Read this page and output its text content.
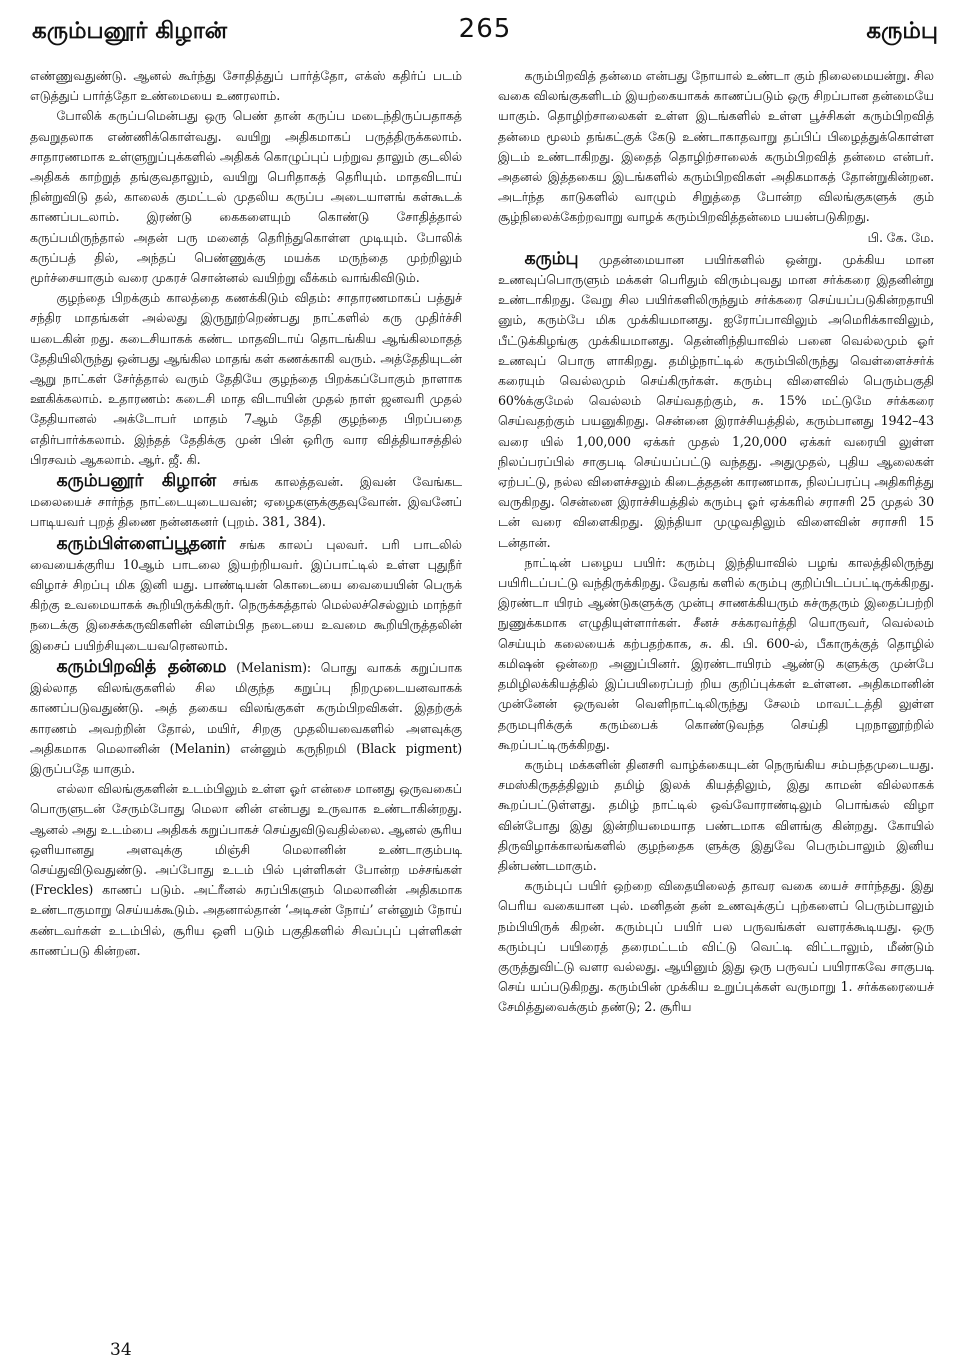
கரும்பனூர் கிழான்	265	கரும்பு

எண்ணுவதுண்டு. ஆனல் கூர்ந்து சோதித்துப் பார்த்தோ, எக்ஸ் கதிர்ப் படம் எடுத்துப் பார்த்தோ உண்மையை உணரலாம்.

போலிக் கருப்பமென்பது ஒரு பெண் தான் கருப்ப மடைந்திருப்பதாகத் தவறுதலாக எண்ணிக்கொள்வது. வயிறு அதிகமாகப் பருத்திருக்கலாம். சாதாரணமாக உள்ளுறுப்புக்களில் அதிகக் கொழுப்புப் பற்றுவ தாலும் குடலில் அதிகக் காற்றுத் தங்குவதாலும், வயிறு பெரிதாகத் தெரியும். மாதவிடாய் நின்றுவிடு தல், காலைக் குமட்டல் முதலிய கருப்ப அடையாளங் கள்கூடக் காணப்படலாம். இரண்டு கைகளையும் கொண்டு சோதித்தால் கருப்பமிருந்தால் அதன் பரு மனைத் தெரிந்துகொள்ள முடியும். போலிக் கருப்பத் தில், அந்தப் பெண்ணுக்கு மயக்க மருந்தை முற்றிலும் மூர்ச்சையாகும் வரை முகரச் சொன்னல் வயிற்று வீக்கம் வாங்கிவிடும்.

குழந்தை பிறக்கும் காலத்தை கணக்கிடும் விதம்: சாதாரணமாகப் பத்துச் சந்திர மாதங்கள் அல்லது இருநூற்றெண்பது நாட்களில் கரு முதிர்ச்சி யடைகின் றது. கடைசியாகக் கண்ட மாதவிடாய் தொடங்கிய ஆங்கிலமாதத் தேதியிலிருந்து ஒன்பது ஆங்கில மாதங் கள் கணக்காகி வரும். அத்தேதியுடன் ஆறு நாட்கள் சேர்த்தால் வரும் தேதியே குழந்தை பிறக்கப்போகும் நாளாக ஊகிக்கலாம். உதாரணம்: கடைசி மாத விடாயின் முதல் நாள் ஜனவரி முதல் தேதியானல் அக்டோபர் மாதம் 7ஆம் தேதி குழந்தை பிறப்பதை எதிர்பார்க்கலாம். இந்தத் தேதிக்கு முன் பின் ஒரிரு வார வித்தியாசத்தில் பிரசவம் ஆகலாம். ஆர். ஜீ. கி.

கரும்பனூர் கிழான் சங்க காலத்தவன். இவன் வேங்கட மலையைச் சார்ந்த நாட்டையுடையவன்; ஏழைகளுக்குதவுவோன். இவனேப் பாடியவர் புறத் திணை நன்னகனர் (புறம். 381, 384).

கரும்பிள்ளைப்பூதனர் சங்க காலப் புலவர். பரி பாடலில் வையைக்குரிய 10ஆம் பாடலை இயற்றியவர். இப்பாட்டில் உள்ள புதுநீர் விழாச் சிறப்பு மிக இனி யது. பாண்டியன் கொடையை வையையின் பெருக் கிற்கு உவமையாகக் கூறியிருக்கிருர். நெருக்கத்தால் மெல்லச்செல்லும் மாந்தர் நடைக்கு இசைக்கருவிகளின் விளம்பித நடையை உவமை கூறியிருத்தலின் இசைப் பயிற்சியுடையவரெனலாம்.

கரும்பிறவித் தன்மை (Melanism): பொது வாகக் கறுப்பாக இல்லாத விலங்குகளில் சில மிகுந்த கறுப்பு நிறமுடையனவாகக் காணப்படுவதுண்டு. அத் தகைய விலங்குகள் கரும்பிறவிகள். இதற்குக் காரணம் அவற்றின் தோல், மயிர், சிறகு முதலியவைகளில் அளவுக்கு அதிகமாக மெலானின் (Melanin) என்னும் கருநிறமி (Black pigment) இருப்பதே யாகும்.

எல்லா விலங்குகளின் உடம்பிலும் உள்ள ஓர் என்சை மானது ஒருவகைப் பொருளுடன் சேரும்போது மெலா னின் என்பது உருவாக உண்டாகின்றது. ஆனல் அது உடம்பை அதிகக் கறுப்பாகச் செய்துவிடுவதில்லை. ஆனல் சூரிய ஒளியானது அளவுக்கு மிஞ்சி மெலானின் உண்டாகும்படி செய்துவிடுவதுண்டு. அப்போது உடம் பில் புள்ளிகள் போன்ற மச்சங்கள் (Freckles) காணப் படும். அட்ரீனல் சுரப்பிகளும் மெலானின் அதிகமாக உண்டாகுமாறு செய்யக்கூடும். அதனால்தான் ‘அடிசன் நோய்’ என்னும் நோய் கண்டவர்கள் உடம்பில், சூரிய ஒளி படும் பகுதிகளில் சிவப்புப் புள்ளிகள் காணப்படு கின்றன.

கரும்பிறவித் தன்மை என்பது நோயால் உண்டா கும் நிலைமையன்று. சில வகை விலங்குகளிடம் இயற்கையாகக் காணப்படும் ஒரு சிறப்பான தன்மையே யாகும். தொழிற்சாலைகள் உள்ள இடங்களில் உள்ள பூச்சிகள் கரும்பிறவித் தன்மை மூலம் தங்கட்குக் கேடு உண்டாகாதவாறு தப்பிப் பிழைத்துக்கொள்ள இடம் உண்டாகிறது. இதைத் தொழிற்சாலைக் கரும்பிறவித் தன்மை என்பர். அதனல் இத்தகைய இடங்களில் கரும்பிறவிகள் அதிகமாகத் தோன்றுகின்றன. அடர்ந்த காடுகளில் வாழும் சிறுத்தை போன்ற விலங்குகளுக் கும் சூழ்நிலைக்கேற்றவாறு வாழக் கரும்பிறவித்தன்மை பயன்படுகிறது.

பி. கே. மே.

கரும்பு முதன்மையான பயிர்களில் ஒன்று. முக்கிய மான உணவுப்பொருளும் மக்கள் பெரிதும் விரும்புவது மான சர்க்கரை இதனின்று உண்டாகிறது. வேறு சில பயிர்களிலிருந்தும் சர்க்கரை செய்யப்படுகின்றதாயி னும், கரும்பே மிக முக்கியமானது. ஐரோப்பாவிலும் அமெரிக்காவிலும், பீட்டுக்கிழங்கு முக்கியமானது. தென்னிந்தியாவில் பனை வெல்லமும் ஓர் உணவுப் பொரு ளாகிறது. தமிழ்நாட்டில் கரும்பிலிருந்து வெள்ளைச்சர்க் கரையும் வெல்லமும் செய்கிருர்கள். கரும்பு விளைவில் பெரும்பகுதி 60%க்குமேல் வெல்லம் செய்வதற்கும், சு. 15% மட்டுமே சர்க்கரை செய்வதற்கும் பயனுகிறது. சென்னை இராச்சியத்தில், கரும்பானது 1942–43 வரை யில் 1,00,000 ஏக்கர் முதல் 1,20,000 ஏக்கர் வரையி லுள்ள நிலப்பரப்பில் சாகுபடி செய்யப்பட்டு வந்தது. அதுமுதல், புதிய ஆலைகள் ஏற்பட்டு, நல்ல விளைச்சலும் கிடைத்ததன் காரணமாக, நிலப்பரப்பு அதிகரித்து வருகிறது. சென்னை இராச்சியத்தில் கரும்பு ஓர் ஏக்கரில் சராசரி 25 முதல் 30 டன் வரை விளைகிறது. இந்தியா முழுவதிலும் விளைவின் சராசரி 15 டன்தான்.

நாட்டின் பழைய பயிர்: கரும்பு இந்தியாவில் பழங் காலத்திலிருந்து பயிரிடப்பட்டு வந்திருக்கிறது. வேதங் களில் கரும்பு குறிப்பிடப்பட்டிருக்கிறது. இரண்டா யிரம் ஆண்டுகளுக்கு முன்பு சாணக்கியரும் சுச்ருதரும் இதைப்பற்றி நுணுக்கமாக எழுதியுள்ளார்கள். சீனச் சக்கரவர்த்தி யொருவர், வெல்லம் செய்யும் கலையைக் கற்பதற்காக, சு. கி. பி. 600-ல், பீகாருக்குத் தொழில் கமிஷன் ஒன்றை அனுப்பினர். இரண்டாயிரம் ஆண்டு களுக்கு முன்பே தமிழிலக்கியத்தில் இப்பயிரைப்பற் றிய குறிப்புக்கள் உள்ளன. அதிகமானின் முன்னேன் ஒருவன் வெளிநாட்டிலிருந்து சேலம் மாவட்டத்தி லுள்ள தருமபுரிக்குக் கரும்பைக் கொண்டுவந்த செய்தி புறநானூற்றில் கூறப்பட்டிருக்கிறது.

கரும்பு மக்களின் தினசரி வாழ்க்கையுடன் நெருங்கிய சம்பந்தமுடையது. சமஸ்கிருதத்திலும் தமிழ் இலக் கியத்திலும், இது காமன் வில்லாகக் கூறப்பட்டுள்ளது. தமிழ் நாட்டில் ஒவ்வோராண்டிலும் பொங்கல் விழா வின்போது இது இன்றியமையாத பண்டமாக விளங்கு கின்றது. கோயில் திருவிழாக்காலங்களில் குழந்தைக ளுக்கு இதுவே பெரும்பாலும் இனிய தின்பண்டமாகும்.

கரும்புப் பயிர் ஒற்றை விதையிலைத் தாவர வகை யைச் சார்ந்தது. இது பெரிய வகையான புல். மனிதன் தன் உணவுக்குப் புற்களைப் பெரும்பாலும் நம்பியிருக் கிறன். கரும்புப் பயிர் பல பருவங்கள் வளரக்கூடியது. ஒரு கரும்புப் பயிரைத் தரைமட்டம் விட்டு வெட்டி விட்டாலும், மீண்டும் குருத்துவிட்டு வளர வல்லது. ஆயினும் இது ஒரு பருவப் பயிராகவே சாகுபடி செய் யப்படுகிறது. கரும்பின் முக்கிய உறுப்புக்கள் வருமாறு 1. சர்க்கரையைச் சேமித்துவைக்கும் தண்டு; 2. சூரிய

34
